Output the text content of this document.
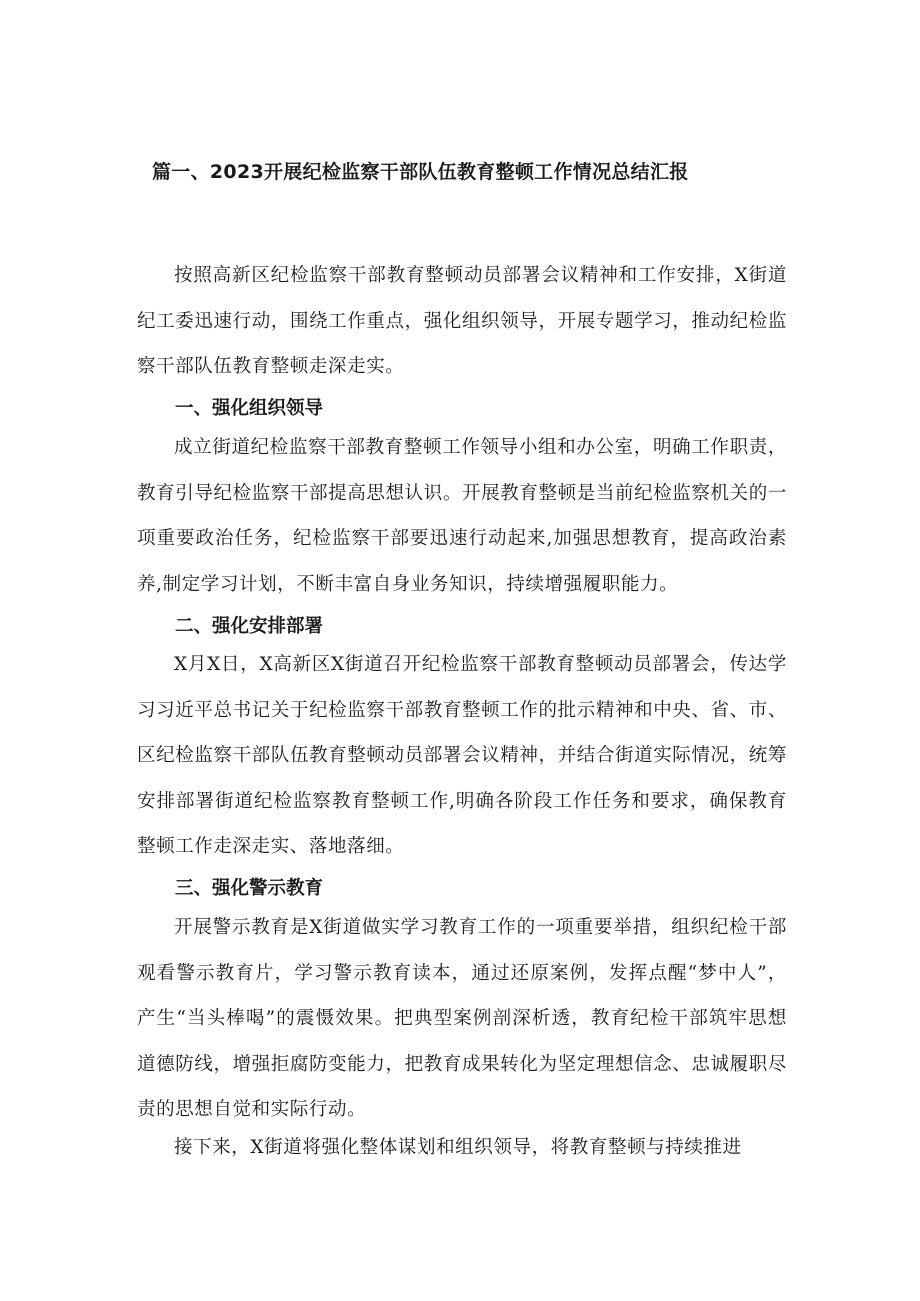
篇一、2023开展纪检监察干部队伍教育整顿工作情况总结汇报

按照高新区纪检监察干部教育整顿动员部署会议精神和工作安排，X街道纪工委迅速行动，围绕工作重点，强化组织领导，开展专题学习，推动纪检监察干部队伍教育整顿走深走实。

一、强化组织领导

成立街道纪检监察干部教育整顿工作领导小组和办公室，明确工作职责，教育引导纪检监察干部提高思想认识。开展教育整顿是当前纪检监察机关的一项重要政治任务，纪检监察干部要迅速行动起来,加强思想教育，提高政治素养,制定学习计划，不断丰富自身业务知识，持续增强履职能力。

二、强化安排部署

X月X日，X高新区X街道召开纪检监察干部教育整顿动员部署会，传达学习习近平总书记关于纪检监察干部教育整顿工作的批示精神和中央、省、市、区纪检监察干部队伍教育整顿动员部署会议精神，并结合街道实际情况，统筹安排部署街道纪检监察教育整顿工作,明确各阶段工作任务和要求，确保教育整顿工作走深走实、落地落细。

三、强化警示教育

开展警示教育是X街道做实学习教育工作的一项重要举措，组织纪检干部观看警示教育片，学习警示教育读本，通过还原案例，发挥点醒“梦中人”，产生“当头棒喝”的震慑效果。把典型案例剖深析透，教育纪检干部筑牢思想道德防线，增强拒腐防变能力，把教育成果转化为坚定理想信念、忠诚履职尽责的思想自觉和实际行动。

接下来，X街道将强化整体谋划和组织领导，将教育整顿与持续推进
